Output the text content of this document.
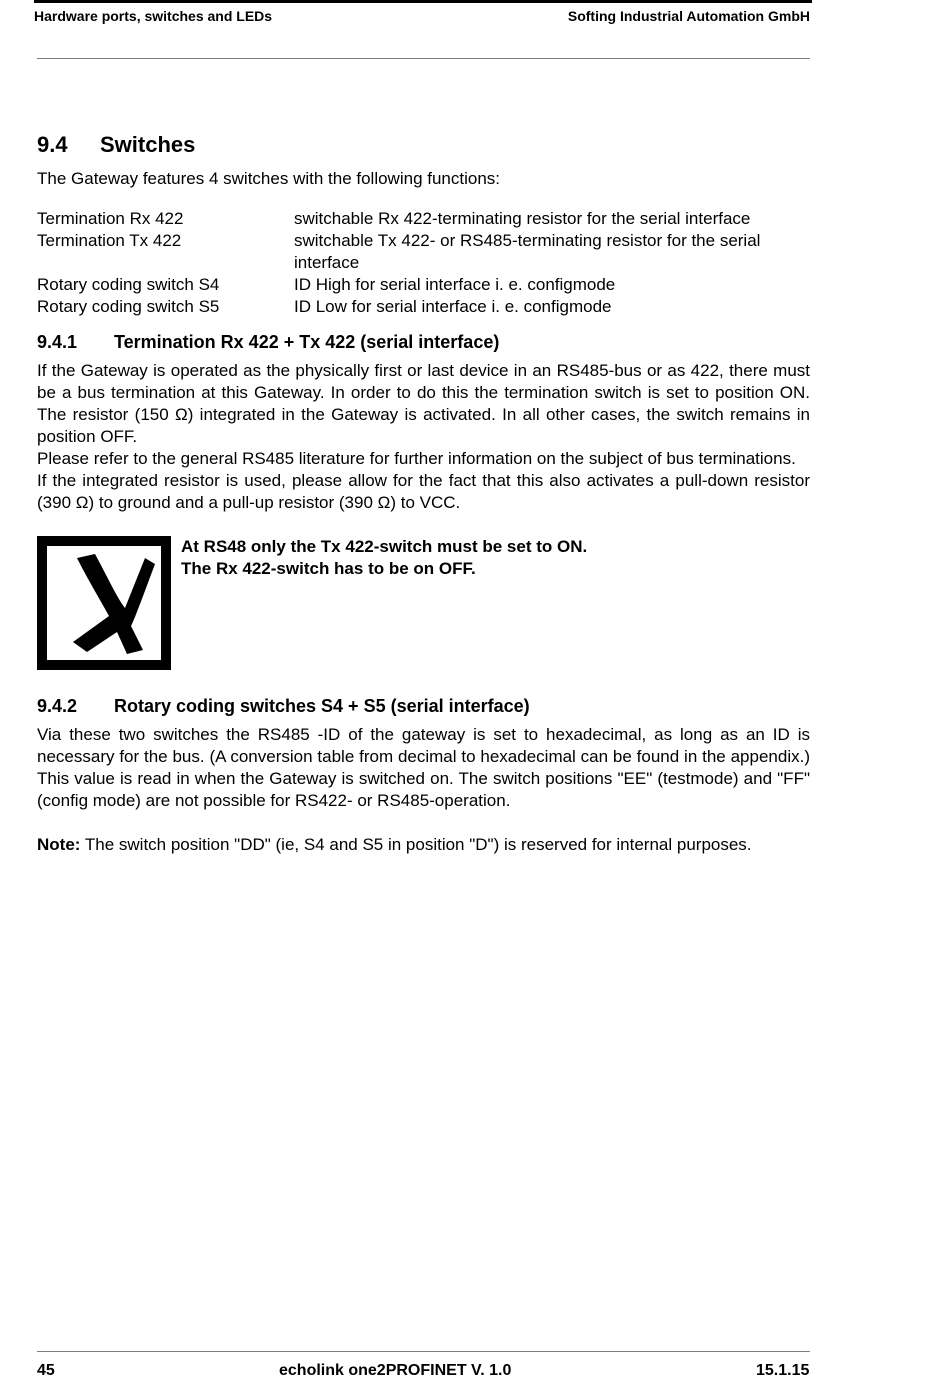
Hardware ports, switches and LEDs	Softing Industrial Automation GmbH
9.4	Switches

The Gateway features 4 switches with the following functions:

Termination Rx 422	switchable Rx 422-terminating resistor for the serial interface
Termination Tx 422	switchable Tx 422- or RS485-terminating resistor for the serial interface
Rotary coding switch S4	ID High for serial interface i. e. configmode
Rotary coding switch S5	ID Low for serial interface i. e. configmode
9.4.1	Termination Rx 422 + Tx 422 (serial interface)

If the Gateway is operated as the physically first or last device in an RS485-bus or as 422, there must be a bus termination at this Gateway. In order to do this the termination switch is set to position ON. The resistor (150 Ω) integrated in the Gateway is activated. In all other cases, the switch remains in position OFF.

Please refer to the general RS485 literature for further information on the subject of bus terminations.

If the integrated resistor is used, please allow for the fact that this also activates a pull-down resistor (390 Ω) to ground and a pull-up resistor (390 Ω) to VCC.

At RS48 only the Tx 422-switch must be set to ON.
The Rx 422-switch has to be on OFF.
9.4.2	Rotary coding switches S4 + S5 (serial interface)

Via these two switches the RS485 -ID of the gateway is set to hexadecimal, as long as an ID is necessary for the bus. (A conversion table from decimal to hexadecimal can be found in the appendix.) This value is read in when the Gateway is switched on. The switch positions "EE" (testmode) and "FF" (config mode) are not possible for RS422- or RS485-operation.

Note: The switch position "DD" (ie, S4 and S5 in position "D") is reserved for internal purposes.

45	echolink one2PROFINET V. 1.0	15.1.15
